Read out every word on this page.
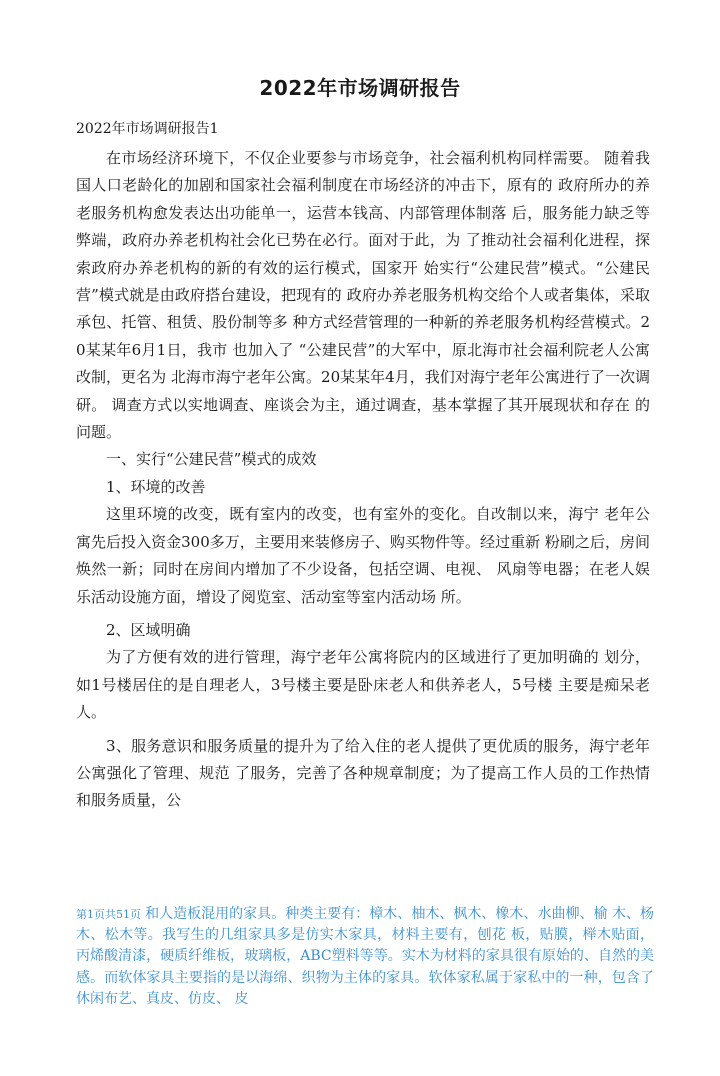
2022年市场调研报告
2022年市场调研报告1

在市场经济环境下，不仅企业要参与市场竞争，社会福利机构同样需要。 随着我国人口老龄化的加剧和国家社会福利制度在市场经济的冲击下，原有的 政府所办的养老服务机构愈发表达出功能单一，运营本钱高、内部管理体制落 后，服务能力缺乏等弊端，政府办养老机构社会化已势在必行。面对于此，为 了推动社会福利化进程，探索政府办养老机构的新的有效的运行模式，国家开 始实行“公建民营”模式。“公建民营”模式就是由政府搭台建设，把现有的 政府办养老服务机构交给个人或者集体，采取承包、托管、租赁、股份制等多 种方式经营管理的一种新的养老服务机构经营模式。20某某年6月1日，我市 也加入了 “公建民营”的大军中，原北海市社会福利院老人公寓改制，更名为 北海市海宁老年公寓。20某某年4月，我们对海宁老年公寓进行了一次调研。 调查方式以实地调查、座谈会为主，通过调查，基本掌握了其开展现状和存在 的问题。

一、实行“公建民营”模式的成效

1、环境的改善

这里环境的改变，既有室内的改变，也有室外的变化。自改制以来，海宁 老年公寓先后投入资金300多万，主要用来装修房子、购买物件等。经过重新 粉刷之后，房间焕然一新；同时在房间内增加了不少设备，包括空调、电视、 风扇等电器；在老人娱乐活动设施方面，增设了阅览室、活动室等室内活动场 所。

2、区域明确

为了方便有效的进行管理，海宁老年公寓将院内的区域进行了更加明确的 划分，如1号楼居住的是自理老人，3号楼主要是卧床老人和供养老人，5号楼 主要是痴呆老人。

3、服务意识和服务质量的提升为了给入住的老人提供了更优质的服务，海宁老年公寓强化了管理、规范 了服务，完善了各种规章制度；为了提高工作人员的工作热情和服务质量，公

第1页共51页 和人造板混用的家具。种类主要有：樟木、柚木、枫木、橡木、水曲柳、榆 木、杨木、松木等。我写生的几组家具多是仿实木家具，材料主要有，刨花 板，贴膜，榉木贴面，丙烯酸清漆，硬质纤维板，玻璃板，ABC塑料等等。实木为材料的家具很有原始的、自然的美感。而软体家具主要指的是以海绵、织物为主体的家具。软体家私属于家私中的一种，包含了休闲布艺、真皮、仿皮、 皮
